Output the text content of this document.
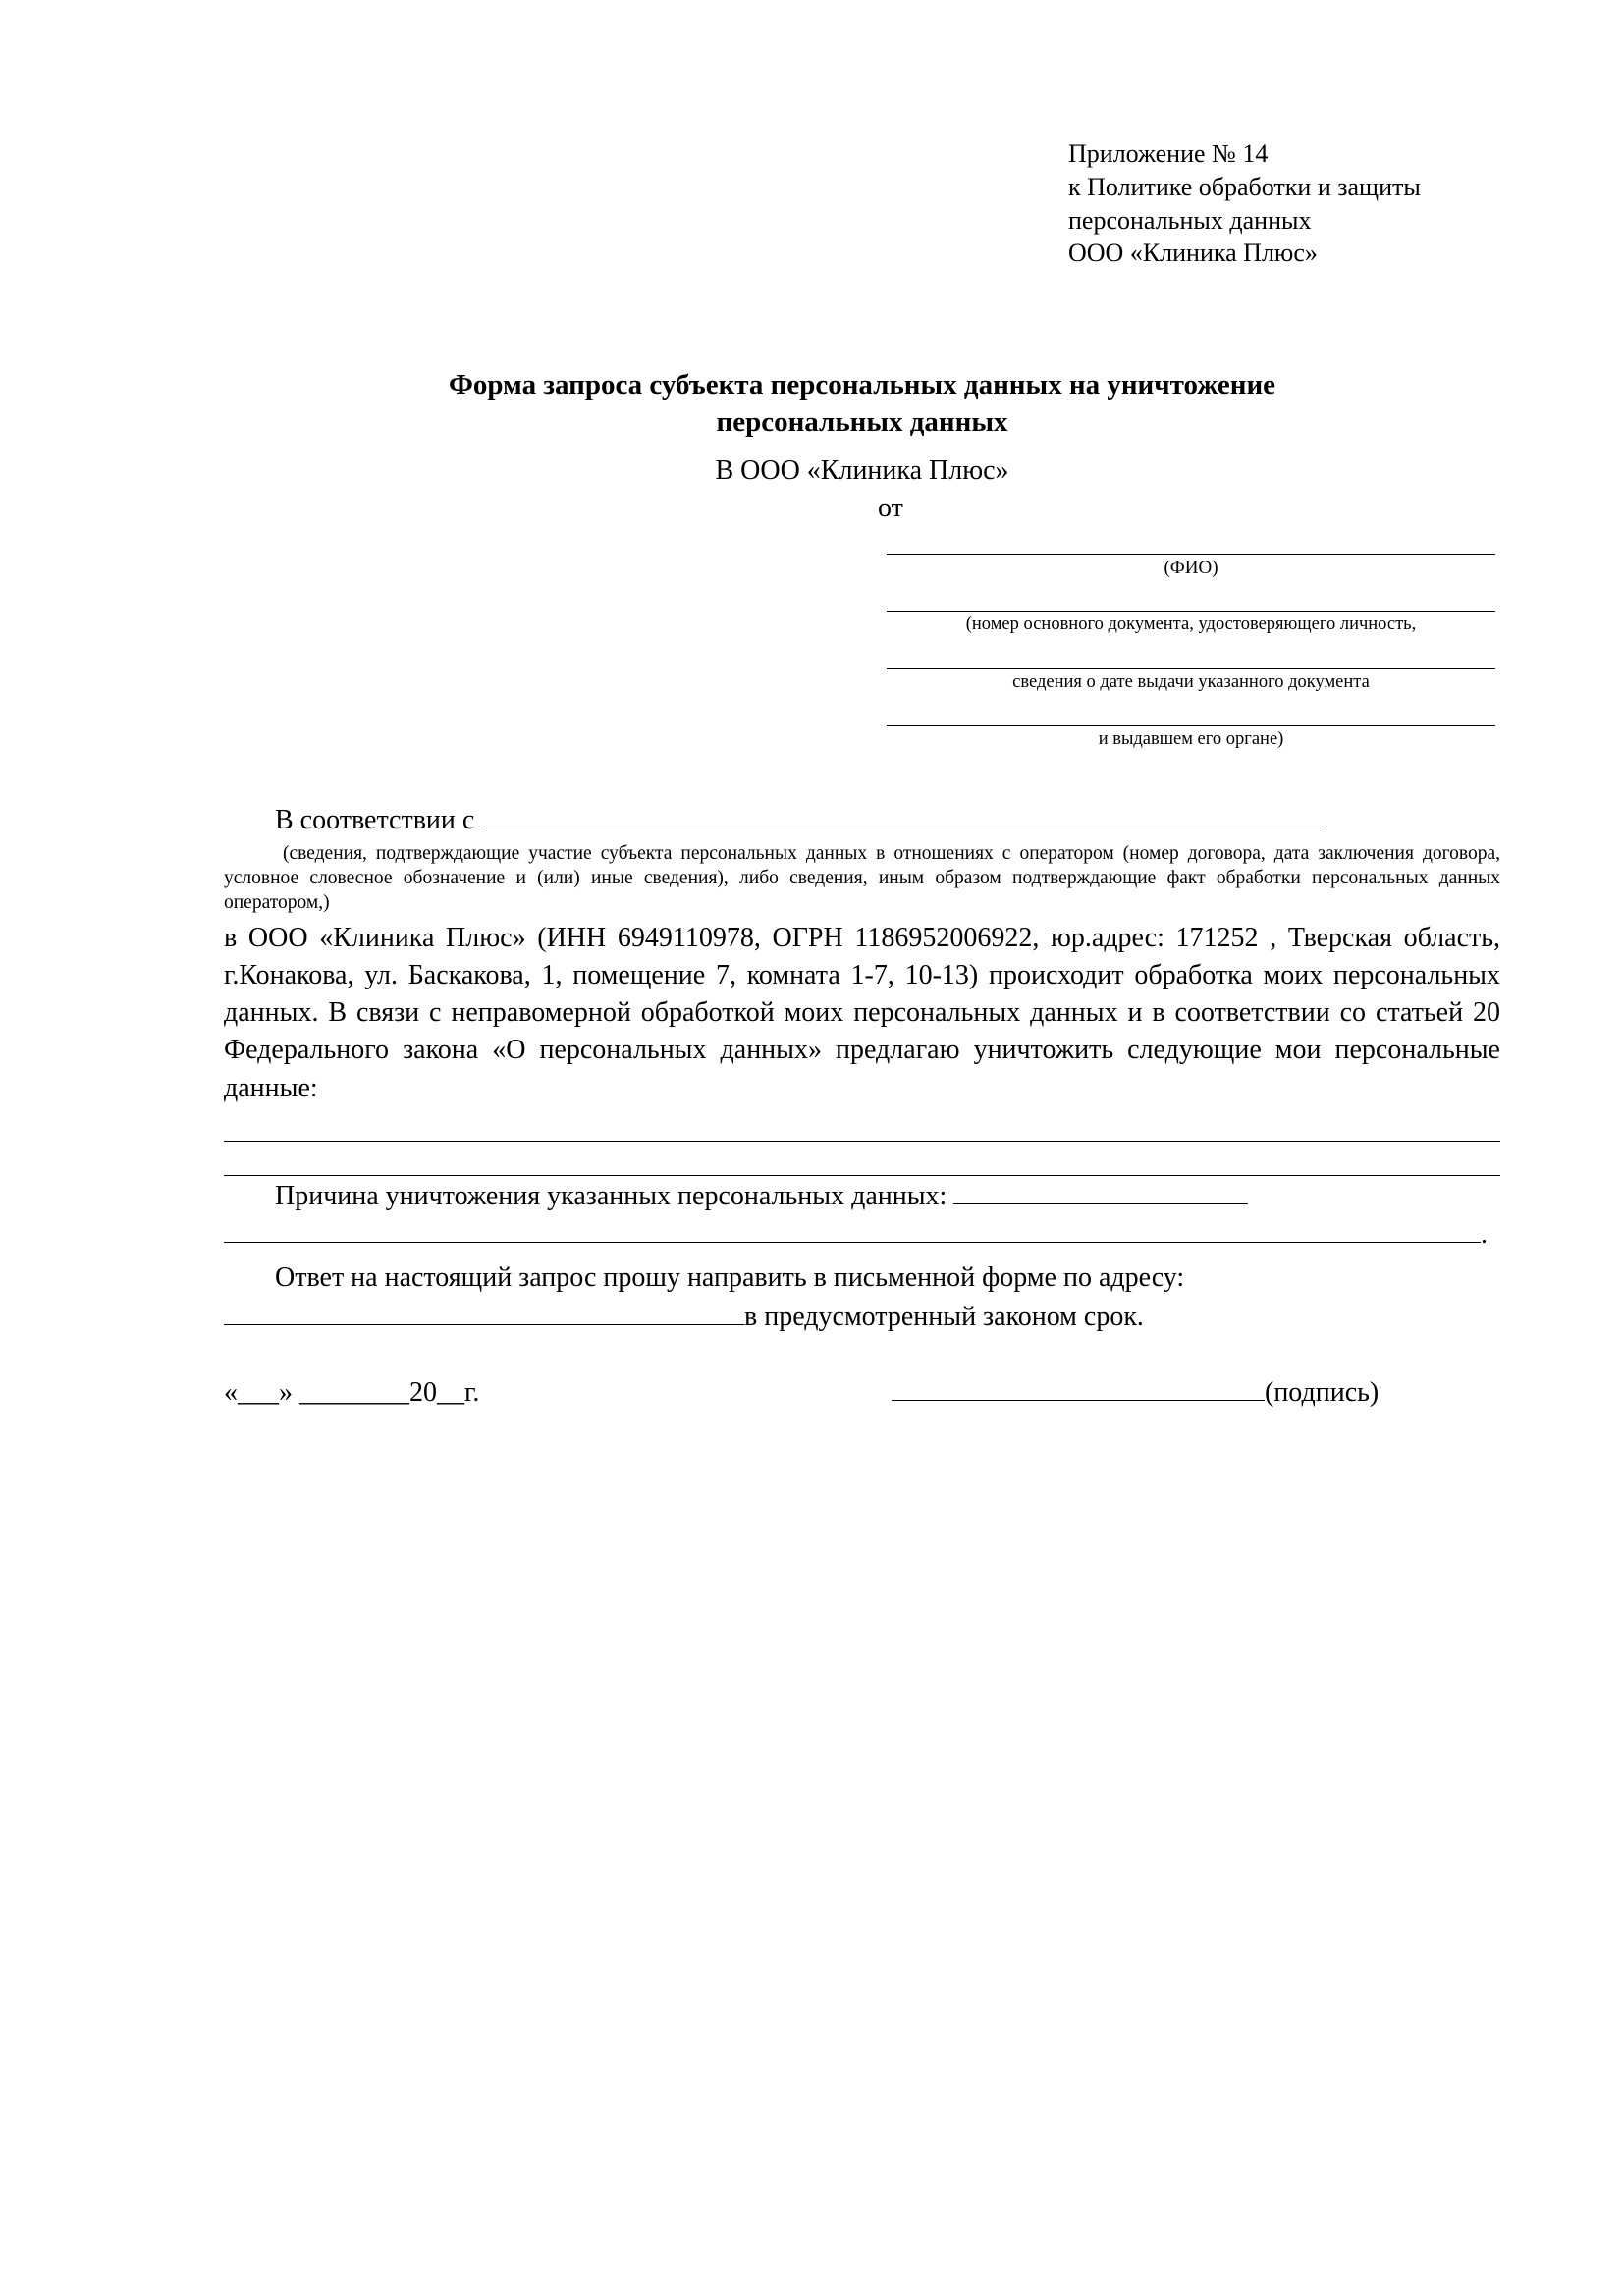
Приложение № 14
к Политике обработки и защиты
персональных данных
ООО «Клиника Плюс»
Форма запроса субъекта персональных данных на уничтожение
персональных данных
В ООО «Клиника Плюс»
от
(ФИО)
(номер основного документа, удостоверяющего личность,
сведения о дате выдачи указанного документа
и выдавшем его органе)
В соответствии с
(сведения, подтверждающие участие субъекта персональных данных в отношениях с оператором (номер договора, дата заключения договора, условное словесное обозначение и (или) иные сведения), либо сведения, иным образом подтверждающие факт обработки персональных данных оператором,)
в ООО «Клиника Плюс» (ИНН 6949110978, ОГРН 1186952006922, юр.адрес: 171252 , Тверская область, г.Конакова, ул. Баскакова, 1, помещение 7, комната 1-7, 10-13) происходит обработка моих персональных данных. В связи с неправомерной обработкой моих персональных данных и в соответствии со статьей 20 Федерального закона «О персональных данных» предлагаю уничтожить следующие мои персональные данные:
Причина уничтожения указанных персональных данных:
.
Ответ на настоящий запрос прошу направить в письменной форме по адресу:
в предусмотренный законом срок.
«___» ________20__г.	(подпись)
